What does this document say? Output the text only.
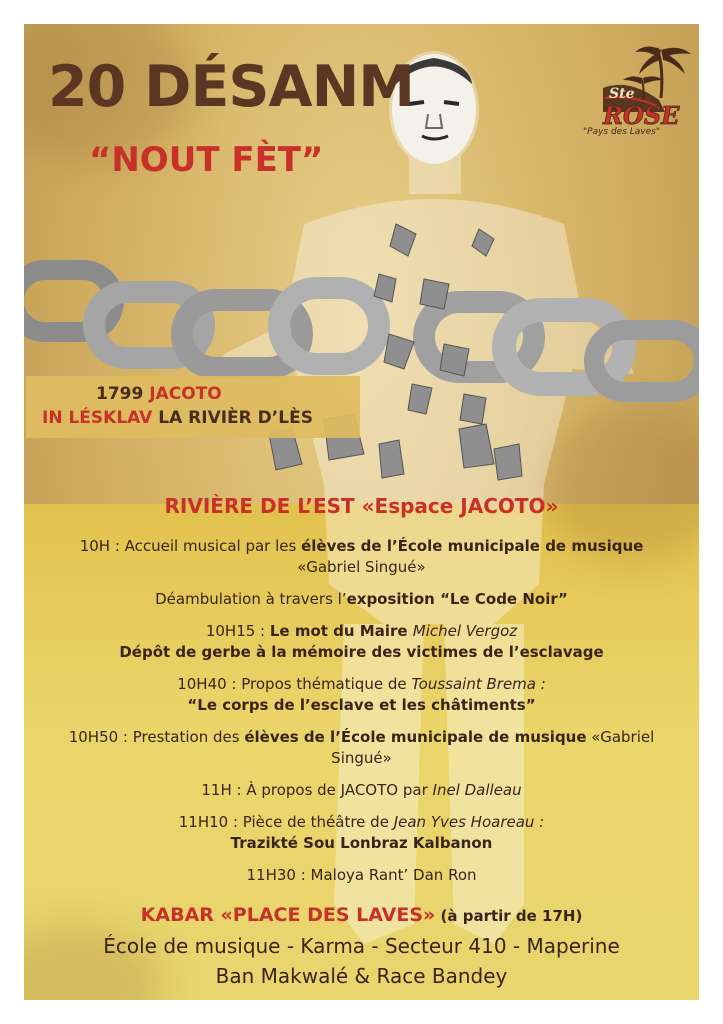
20 DÉSANM
“NOUT FÈT”
Ste
ROSE
"Pays des Laves"
1799 JACOTO
IN LÉSKLAV LA RIVIÈR D’LÈS
RIVIÈRE DE L’EST «Espace JACOTO»
10H : Accueil musical par les élèves de l’École municipale de musique
«Gabriel Singué»
Déambulation à travers l’exposition “Le Code Noir”
10H15 : Le mot du Maire Michel Vergoz
Dépôt de gerbe à la mémoire des victimes de l’esclavage
10H40 : Propos thématique de Toussaint Brema :
“Le corps de l’esclave et les châtiments”
10H50 : Prestation des élèves de l’École municipale de musique «Gabriel
Singué»
11H : À propos de JACOTO par Inel Dalleau
11H10 : Pièce de théâtre de Jean Yves Hoareau :
Trazikté Sou Lonbraz Kalbanon
11H30 : Maloya Rant’ Dan Ron
KABAR «PLACE DES LAVES» (à partir de 17H)
École de musique - Karma - Secteur 410 - Maperine
Ban Makwalé & Race Bandey
